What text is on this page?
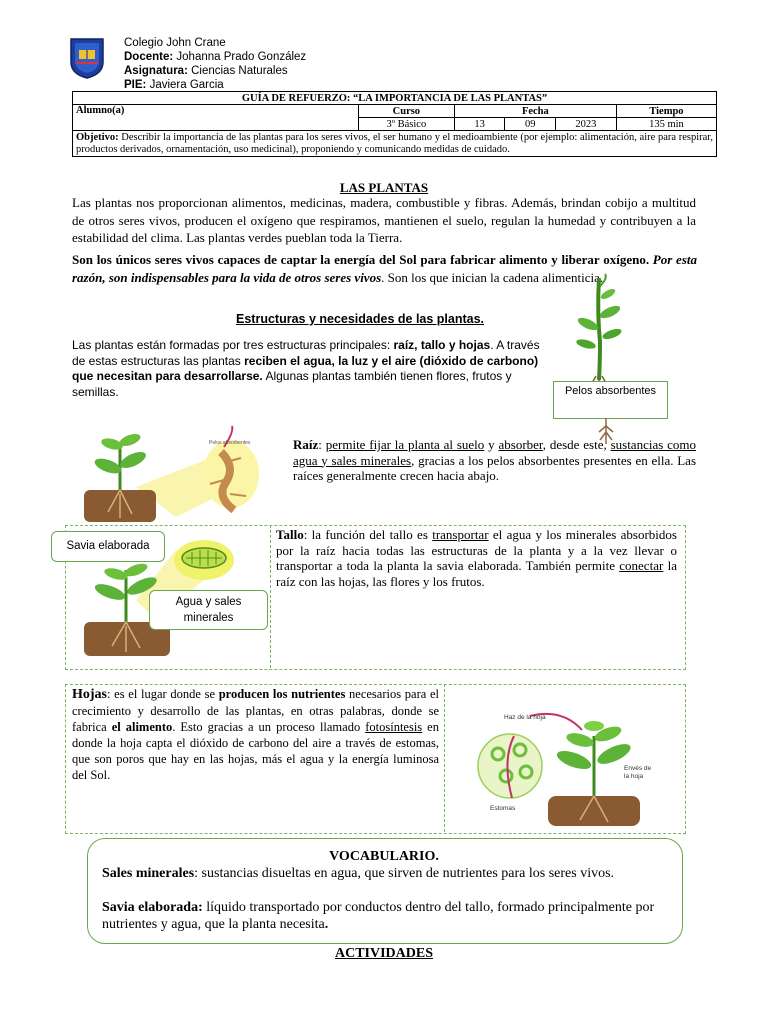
Colegio John Crane
Docente: Johanna Prado González
Asignatura: Ciencias Naturales
PIE: Javiera Garcia
GUÍA DE REFUERZO: “LA IMPORTANCIA DE LAS PLANTAS”					
Alumno(a)	Curso	Fecha			Tiempo
	3º Básico	13	09	2023	135 min
Objetivo: Describir la importancia de las plantas para los seres vivos, el ser humano y el medioambiente (por ejemplo: alimentación, aire para respirar, productos derivados, ornamentación, uso medicinal), proponiendo y comunicando medidas de cuidado.					
LAS PLANTAS

Las plantas nos proporcionan alimentos, medicinas, madera, combustible y fibras. Además, brindan cobijo a multitud de otros seres vivos, producen el oxígeno que respiramos, mantienen el suelo, regulan la humedad y contribuyen a la estabilidad del clima. Las plantas verdes pueblan toda la Tierra.

Son los únicos seres vivos capaces de captar la energía del Sol para fabricar alimento y liberar oxígeno. Por esta razón, son indispensables para la vida de otros seres vivos. Son los que inician la cadena alimenticia.

Estructuras y necesidades de las plantas.

Las plantas están formadas por tres estructuras principales: raíz, tallo y hojas. A través de estas estructuras las plantas reciben el agua, la luz y el aire (dióxido de carbono) que necesitan para desarrollarse. Algunas plantas también tienen flores, frutos y semillas.	Pelos absorbentes
Pelos absorbentes	Raíz: permite fijar la planta al suelo y absorber, desde este, sustancias como agua y sales minerales, gracias a los pelos absorbentes presentes en ella. Las raíces generalmente crecen hacia abajo.

Savia elaborada
Agua y sales minerales

Tallo: la función del tallo es transportar el agua y los minerales absorbidos por la raíz hacia todas las estructuras de la planta y a la vez llevar o transportar a toda la planta la savia elaborada. También permite conectar la raíz con las hojas, las flores y los frutos.

Hojas: es el lugar donde se producen los nutrientes necesarios para el crecimiento y desarrollo de las plantas, en otras palabras, donde se fabrica el alimento. Esto gracias a un proceso llamado fotosíntesis en donde la hoja capta el dióxido de carbono del aire a través de estomas, que son poros que hay en las hojas, más el agua y la energía luminosa del Sol.

Haz de la hoja
Envés de la hoja
Estomas
VOCABULARIO.

Sales minerales: sustancias disueltas en agua, que sirven de nutrientes para los seres vivos.

Savia elaborada: líquido transportado por conductos dentro del tallo, formado principalmente por nutrientes y agua, que la planta necesita.

ACTIVIDADES
